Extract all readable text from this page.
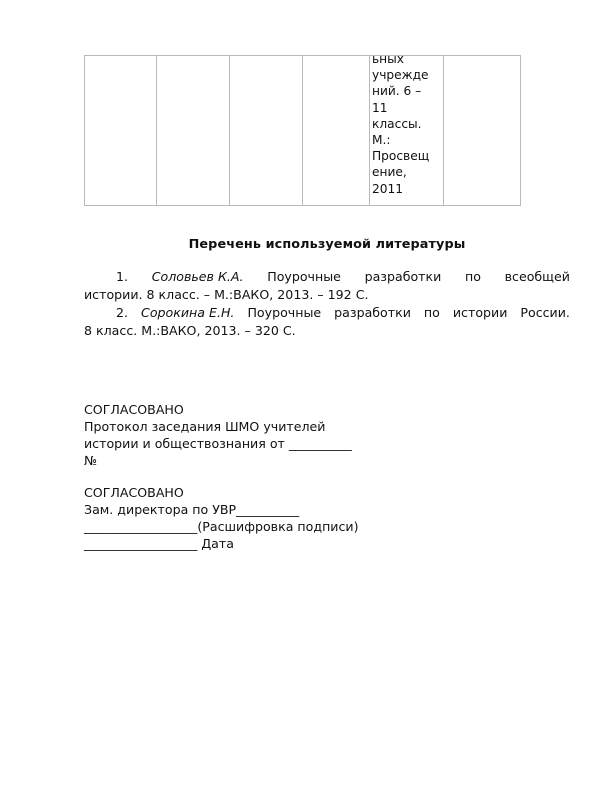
ьных
учрежде
ний. 6 –
11
классы.
М.:
Просвещ
ение,
2011

Перечень используемой литературы
1. Соловьев К.А. Поурочные разработки по всеобщей
истории. 8 класс. – М.:ВАКО, 2013. – 192 С.
2. Сорокина Е.Н. Поурочные разработки по истории России.
8 класс. М.:ВАКО, 2013. – 320 С.
СОГЛАСОВАНО
Протокол заседания ШМО учителей
истории и обществознания от __________
№
СОГЛАСОВАНО
Зам. директора по УВР__________
__________________(Расшифровка подписи)
__________________ Дата
